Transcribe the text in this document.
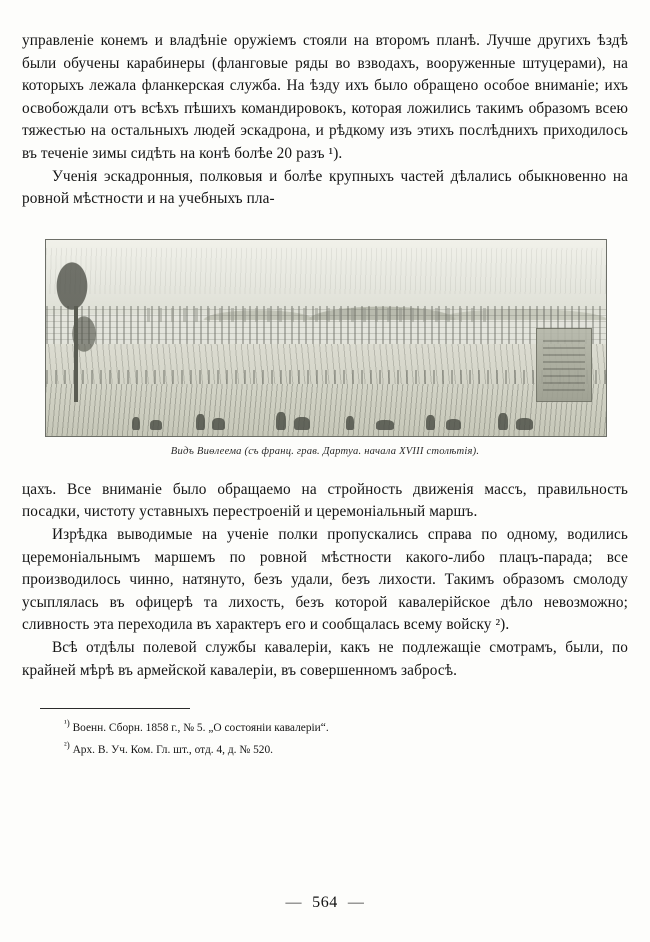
управленіе конемъ и владѣніе оружіемъ стояли на второмъ планѣ. Лучше другихъ ѣздѣ были обучены карабинеры (фланговые ряды во взводахъ, вооруженные штуцерами), на которыхъ лежала фланкерская служба. На ѣзду ихъ было обращено особое вниманіе; ихъ освобождали отъ всѣхъ пѣшихъ командировокъ, которая ложились такимъ образомъ всею тяжестью на остальныхъ людей эскадрона, и рѣдкому изъ этихъ послѣднихъ приходилось въ теченіе зимы сидѣть на конѣ болѣе 20 разъ ¹).

Ученія эскадронныя, полковыя и болѣе крупныхъ частей дѣлались обыкновенно на ровной мѣстности и на учебныхъ пла-

Видъ Виѳлеема (съ франц. грав. Дартуа. начала XVIII столѣтія).

цахъ. Все вниманіе было обращаемо на стройность движенія массъ, правильность посадки, чистоту уставныхъ перестроеній и церемоніальный маршъ.

Изрѣдка выводимые на ученіе полки пропускались справа по одному, водились церемоніальнымъ маршемъ по ровной мѣстности какого-либо плацъ-парада; все производилось чинно, натянуто, безъ удали, безъ лихости. Такимъ образомъ смолоду усыплялась въ офицерѣ та лихость, безъ которой кавалерійское дѣло невозможно; сливность эта переходила въ характеръ его и сообщалась всему войску ²).

Всѣ отдѣлы полевой службы кавалеріи, какъ не подлежащіе смотрамъ, были, по крайней мѣрѣ въ армейской кавалеріи, въ совершенномъ забросѣ.

$^{^1)}$ Военн. Сборн. 1858 г., № 5. „О состояніи кавалеріи“.

$^{^2)}$ Арх. В. Уч. Ком. Гл. шт., отд. 4, д. № 520.

— 564 —
